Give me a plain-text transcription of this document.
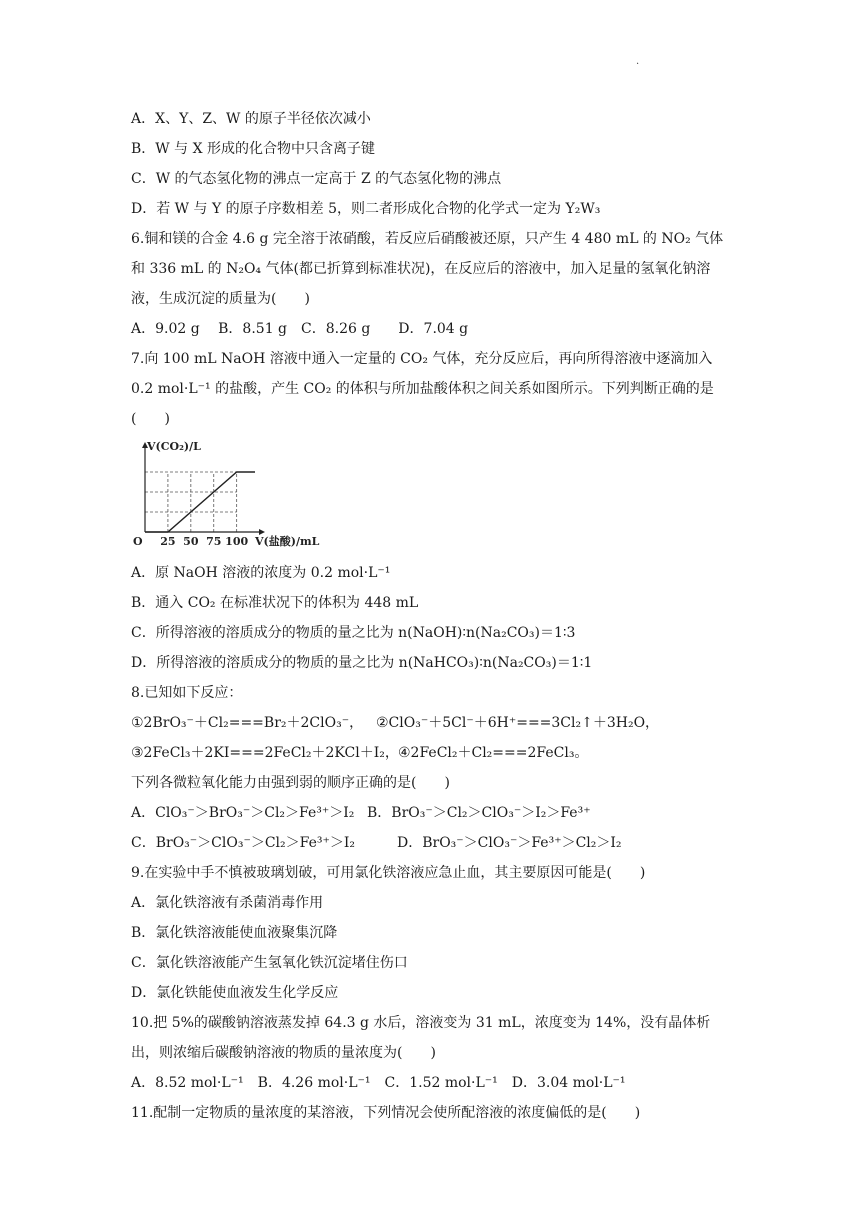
.
A．X、Y、Z、W 的原子半径依次减小
B．W 与 X 形成的化合物中只含离子键
C．W 的气态氢化物的沸点一定高于 Z 的气态氢化物的沸点
D．若 W 与 Y 的原子序数相差 5，则二者形成化合物的化学式一定为 Y₂W₃
6.铜和镁的合金 4.6 g 完全溶于浓硝酸，若反应后硝酸被还原，只产生 4 480 mL 的 NO₂ 气体和 336 mL 的 N₂O₄ 气体(都已折算到标准状况)，在反应后的溶液中，加入足量的氢氧化钠溶液，生成沉淀的质量为(　　)
A．9.02 g　 B．8.51 g　C．8.26 g　　D．7.04 g
7.向 100 mL NaOH 溶液中通入一定量的 CO₂ 气体，充分反应后，再向所得溶液中逐滴加入 0.2 mol·L⁻¹ 的盐酸，产生 CO₂ 的体积与所加盐酸体积之间关系如图所示。下列判断正确的是(　　)
V(CO₂)/L
O 25 50 75 100 V(盐酸)/mL
A．原 NaOH 溶液的浓度为 0.2 mol·L⁻¹
B．通入 CO₂ 在标准状况下的体积为 448 mL
C．所得溶液的溶质成分的物质的量之比为 n(NaOH)∶n(Na₂CO₃)＝1∶3
D．所得溶液的溶质成分的物质的量之比为 n(NaHCO₃)∶n(Na₂CO₃)＝1∶1
8.已知如下反应：
①2BrO₃⁻＋Cl₂===Br₂＋2ClO₃⁻， ②ClO₃⁻＋5Cl⁻＋6H⁺===3Cl₂↑＋3H₂O，
③2FeCl₃＋2KI===2FeCl₂＋2KCl＋I₂，④2FeCl₂＋Cl₂===2FeCl₃。
下列各微粒氧化能力由强到弱的顺序正确的是(　　)
A．ClO₃⁻＞BrO₃⁻＞Cl₂＞Fe³⁺＞I₂ B．BrO₃⁻＞Cl₂＞ClO₃⁻＞I₂＞Fe³⁺
C．BrO₃⁻＞ClO₃⁻＞Cl₂＞Fe³⁺＞I₂	D．BrO₃⁻＞ClO₃⁻＞Fe³⁺＞Cl₂＞I₂
9.在实验中手不慎被玻璃划破，可用氯化铁溶液应急止血，其主要原因可能是(　　)
A．氯化铁溶液有杀菌消毒作用
B．氯化铁溶液能使血液聚集沉降
C．氯化铁溶液能产生氢氧化铁沉淀堵住伤口
D．氯化铁能使血液发生化学反应
10.把 5%的碳酸钠溶液蒸发掉 64.3 g 水后，溶液变为 31 mL，浓度变为 14%，没有晶体析出，则浓缩后碳酸钠溶液的物质的量浓度为(　　)
A．8.52 mol·L⁻¹　B．4.26 mol·L⁻¹　C．1.52 mol·L⁻¹　D．3.04 mol·L⁻¹
11.配制一定物质的量浓度的某溶液，下列情况会使所配溶液的浓度偏低的是(　　)
